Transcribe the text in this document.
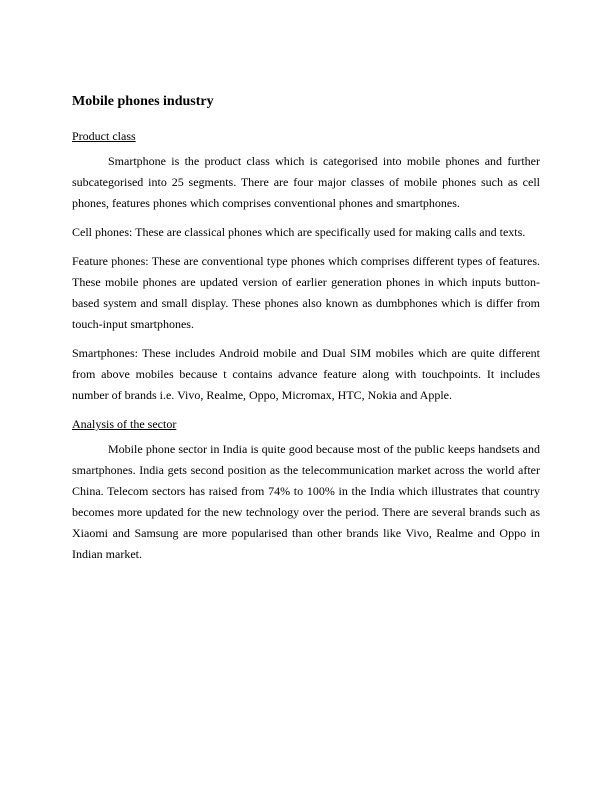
Mobile phones industry
Product class

Smartphone is the product class which is categorised into mobile phones and further subcategorised into 25 segments. There are four major classes of mobile phones such as cell phones, features phones which comprises conventional phones and smartphones.

Cell phones: These are classical phones which are specifically used for making calls and texts.

Feature phones: These are conventional type phones which comprises different types of features. These mobile phones are updated version of earlier generation phones in which inputs button-based system and small display. These phones also known as dumbphones which is differ from touch-input smartphones.

Smartphones: These includes Android mobile and Dual SIM mobiles which are quite different from above mobiles because t contains advance feature along with touchpoints. It includes number of brands i.e. Vivo, Realme, Oppo, Micromax, HTC, Nokia and Apple.

Analysis of the sector

Mobile phone sector in India is quite good because most of the public keeps handsets and smartphones. India gets second position as the telecommunication market across the world after China. Telecom sectors has raised from 74% to 100% in the India which illustrates that country becomes more updated for the new technology over the period. There are several brands such as Xiaomi and Samsung are more popularised than other brands like Vivo, Realme and Oppo in Indian market.
